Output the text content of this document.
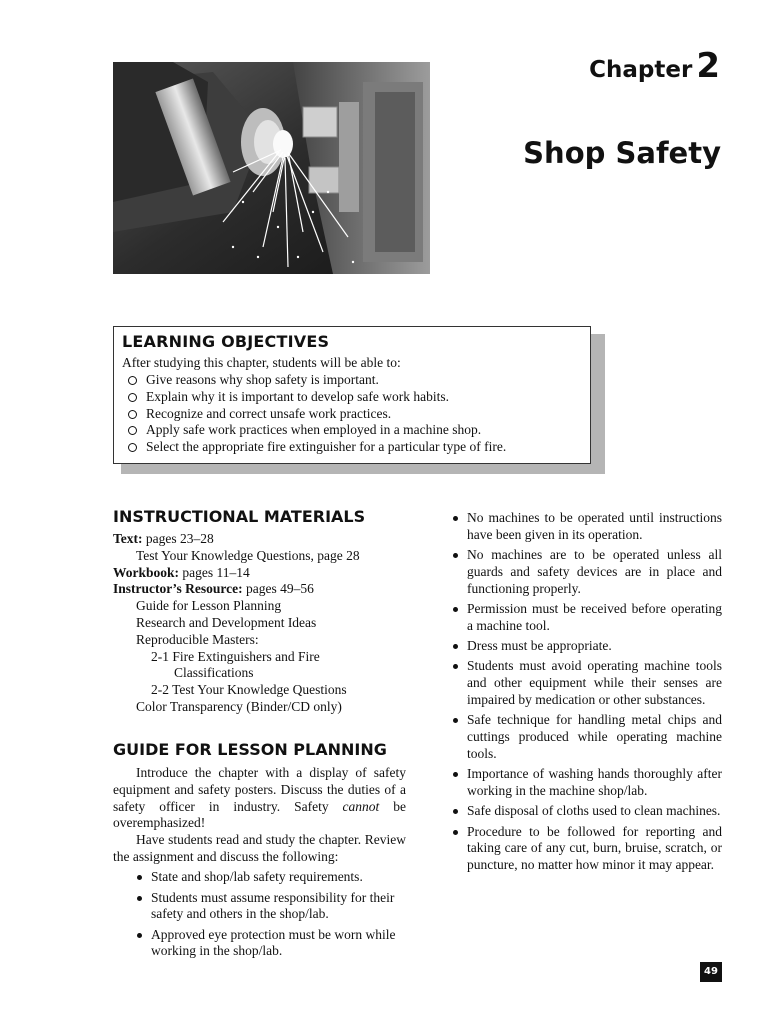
Chapter 2
Shop Safety
LEARNING OBJECTIVES
After studying this chapter, students will be able to:
Give reasons why shop safety is important.
Explain why it is important to develop safe work habits.
Recognize and correct unsafe work practices.
Apply safe work practices when employed in a machine shop.
Select the appropriate fire extinguisher for a particular type of fire.
INSTRUCTIONAL MATERIALS
Text: pages 23–28
Test Your Knowledge Questions, page 28
Workbook: pages 11–14
Instructor’s Resource: pages 49–56
Guide for Lesson Planning
Research and Development Ideas
Reproducible Masters:
2-1 Fire Extinguishers and Fire
Classifications
2-2 Test Your Knowledge Questions
Color Transparency (Binder/CD only)
GUIDE FOR LESSON PLANNING

Introduce the chapter with a display of safety equipment and safety posters. Discuss the duties of a safety officer in industry. Safety cannot be overemphasized!

Have students read and study the chapter. Review the assignment and discuss the following:

State and shop/lab safety requirements.
Students must assume responsibility for their safety and others in the shop/lab.
Approved eye protection must be worn while working in the shop/lab.
No machines to be operated until instructions have been given in its operation.
No machines are to be operated unless all guards and safety devices are in place and functioning properly.
Permission must be received before operating a machine tool.
Dress must be appropriate.
Students must avoid operating machine tools and other equipment while their senses are impaired by medication or other substances.
Safe technique for handling metal chips and cuttings produced while operating machine tools.
Importance of washing hands thoroughly after working in the machine shop/lab.
Safe disposal of cloths used to clean machines.
Procedure to be followed for reporting and taking care of any cut, burn, bruise, scratch, or puncture, no matter how minor it may appear.
49
